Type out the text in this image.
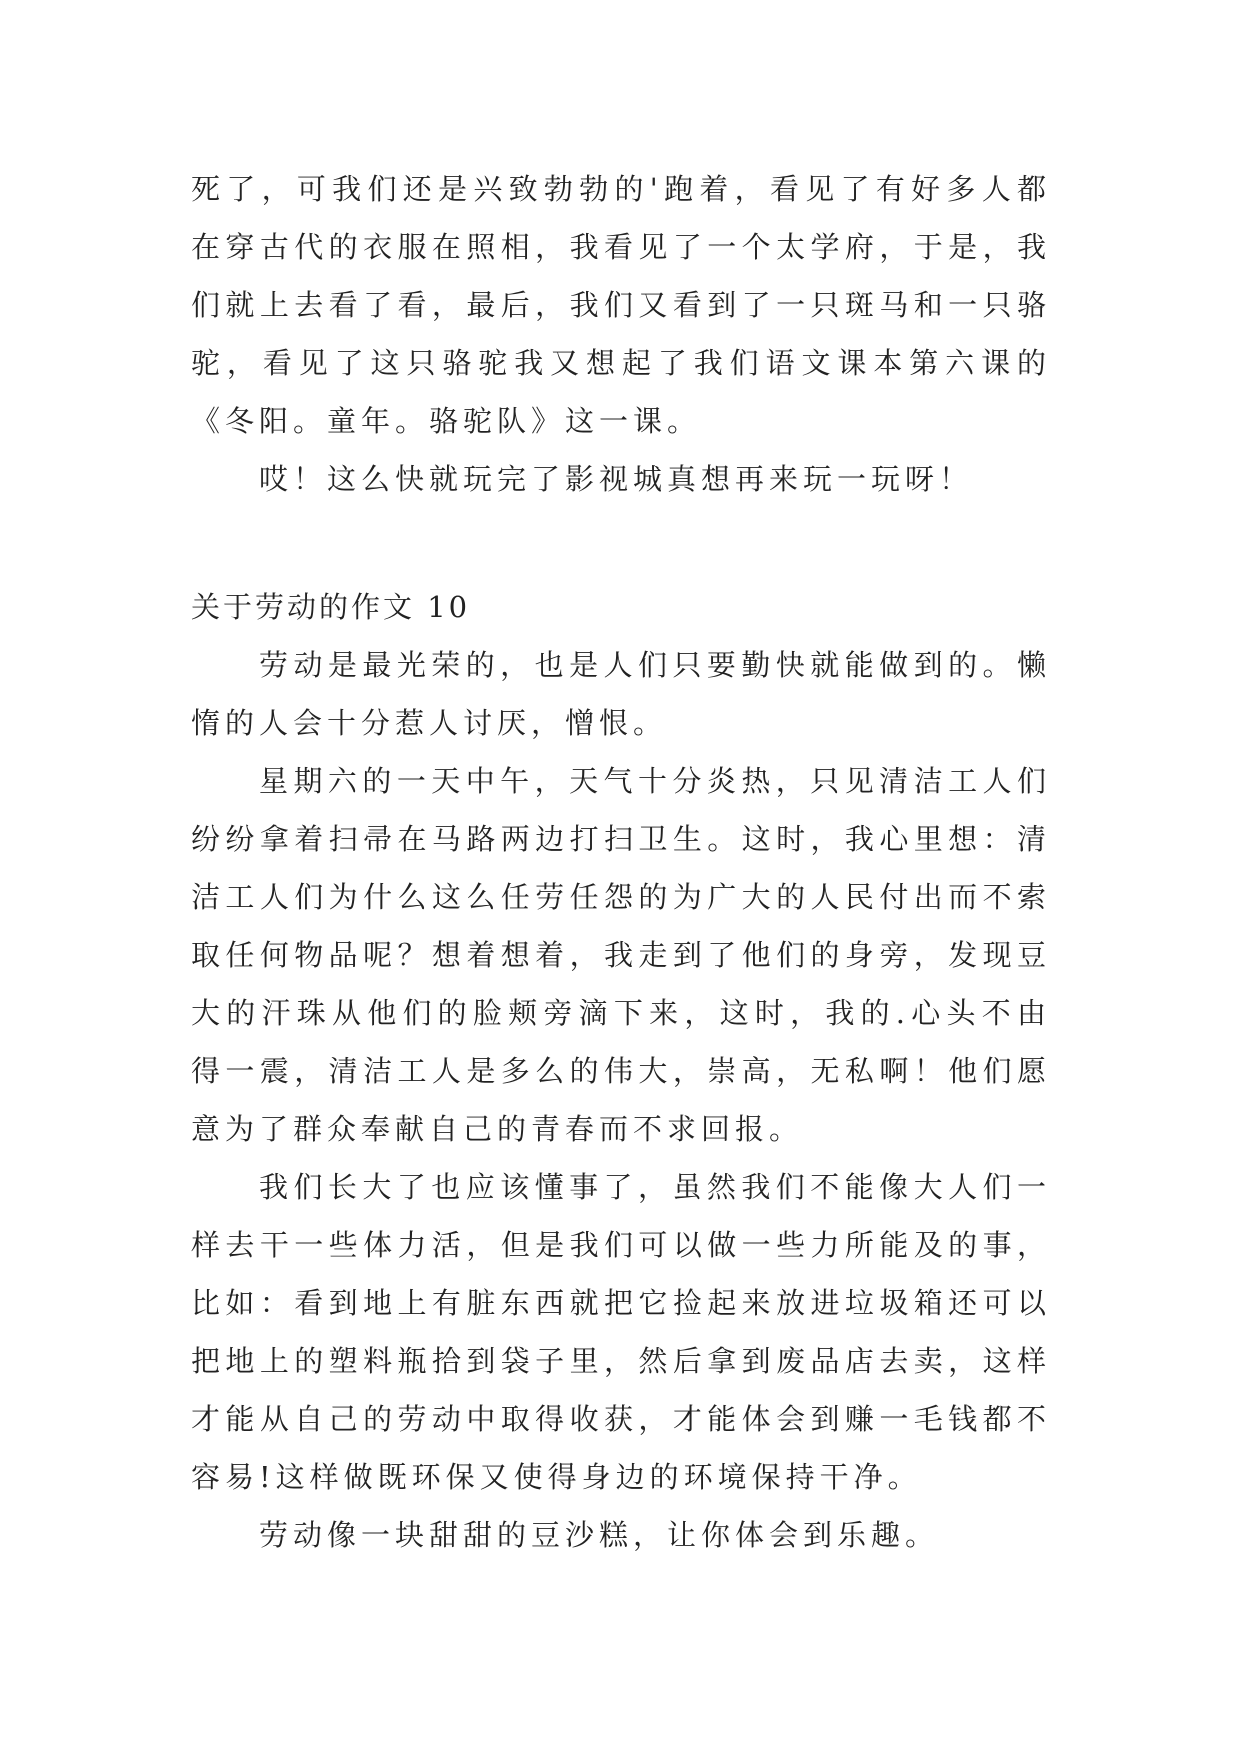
死了，可我们还是兴致勃勃的'跑着，看见了有好多人都在穿古代的衣服在照相，我看见了一个太学府，于是，我们就上去看了看，最后，我们又看到了一只斑马和一只骆驼，看见了这只骆驼我又想起了我们语文课本第六课的《冬阳。童年。骆驼队》这一课。

哎！这么快就玩完了影视城真想再来玩一玩呀！

关于劳动的作文 10

劳动是最光荣的，也是人们只要勤快就能做到的。懒惰的人会十分惹人讨厌，憎恨。

星期六的一天中午，天气十分炎热，只见清洁工人们纷纷拿着扫帚在马路两边打扫卫生。这时，我心里想：清洁工人们为什么这么任劳任怨的为广大的人民付出而不索取任何物品呢？想着想着，我走到了他们的身旁，发现豆大的汗珠从他们的脸颊旁滴下来，这时，我的.心头不由得一震，清洁工人是多么的伟大，崇高，无私啊！他们愿意为了群众奉献自己的青春而不求回报。

我们长大了也应该懂事了，虽然我们不能像大人们一样去干一些体力活，但是我们可以做一些力所能及的事，比如：看到地上有脏东西就把它捡起来放进垃圾箱还可以把地上的塑料瓶拾到袋子里，然后拿到废品店去卖，这样才能从自己的劳动中取得收获，才能体会到赚一毛钱都不容易!这样做既环保又使得身边的环境保持干净。

劳动像一块甜甜的豆沙糕，让你体会到乐趣。
